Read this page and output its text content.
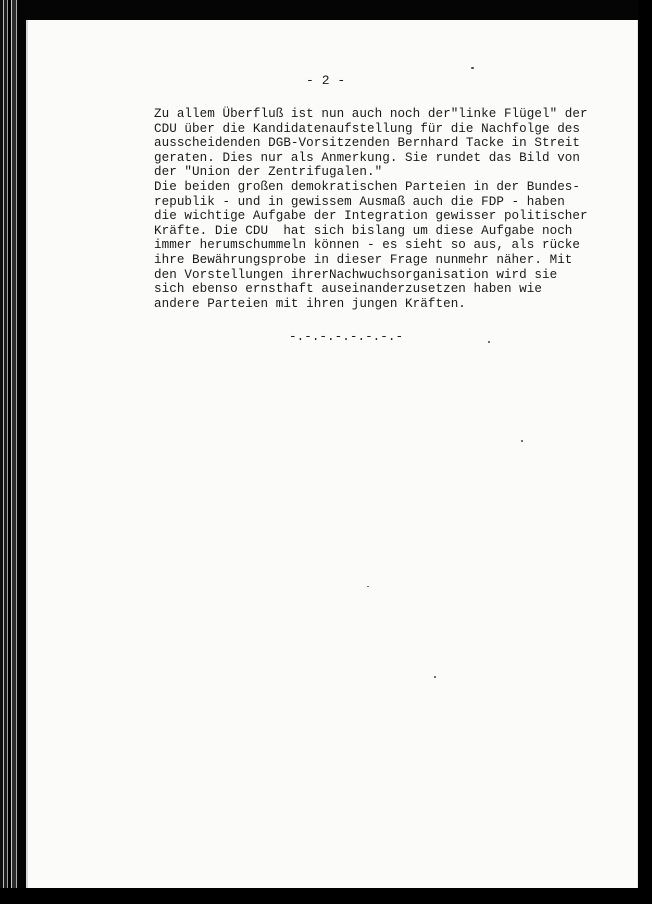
- 2 -
Zu allem Überfluß ist nun auch noch der"linke Flügel" der
CDU über die Kandidatenaufstellung für die Nachfolge des
ausscheidenden DGB-Vorsitzenden Bernhard Tacke in Streit
geraten. Dies nur als Anmerkung. Sie rundet das Bild von
der "Union der Zentrifugalen."
Die beiden großen demokratischen Parteien in der Bundes-
republik - und in gewissem Ausmaß auch die FDP - haben
die wichtige Aufgabe der Integration gewisser politischer
Kräfte. Die CDU  hat sich bislang um diese Aufgabe noch
immer herumschummeln können - es sieht so aus, als rücke
ihre Bewährungsprobe in dieser Frage nunmehr näher. Mit
den Vorstellungen ihrerNachwuchsorganisation wird sie
sich ebenso ernsthaft auseinanderzusetzen haben wie
andere Parteien mit ihren jungen Kräften.
-.-.-.-.-.-.-.-
